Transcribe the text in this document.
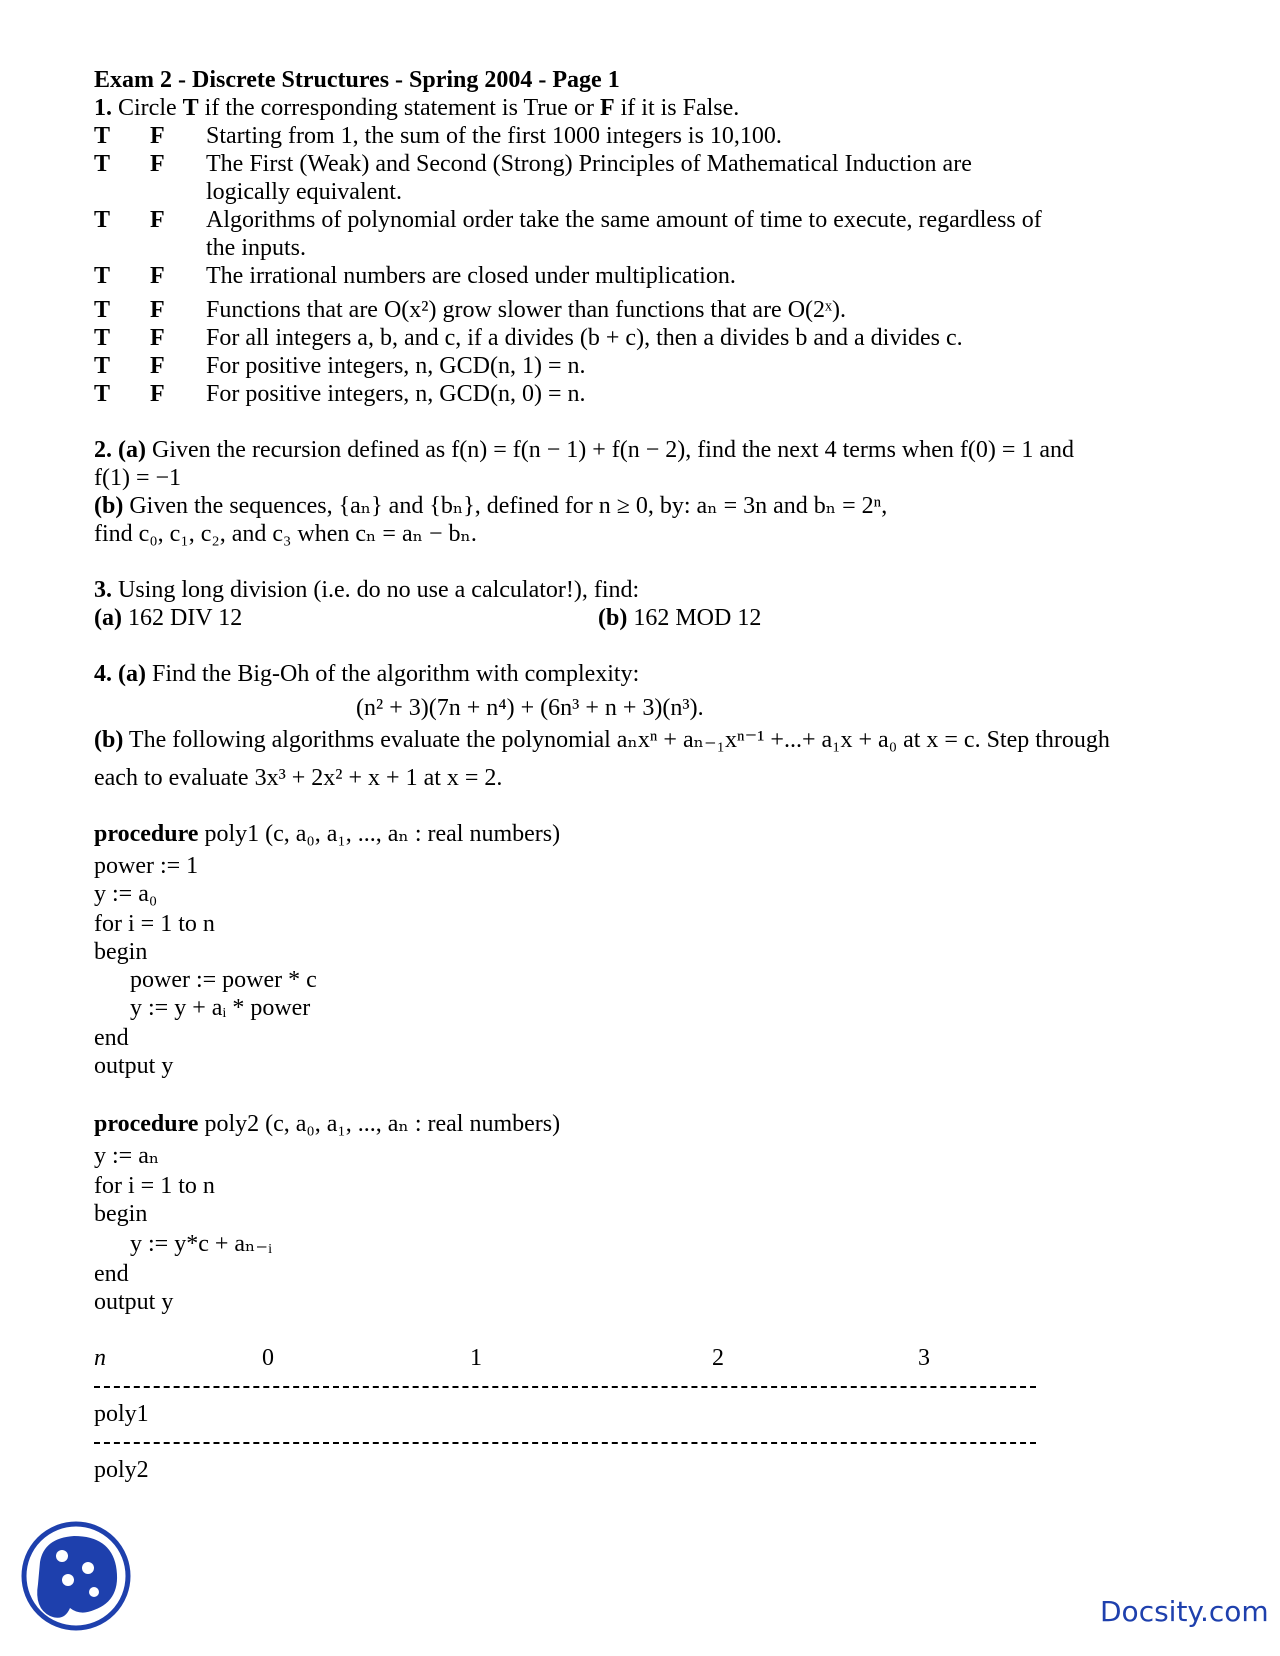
Exam 2 - Discrete Structures - Spring 2004 - Page 1
1. Circle T if the corresponding statement is True or F if it is False.
T F Starting from 1, the sum of the first 1000 integers is 10,100.
T F The First (Weak) and Second (Strong) Principles of Mathematical Induction are
logically equivalent.
T F Algorithms of polynomial order take the same amount of time to execute, regardless of
the inputs.
T F The irrational numbers are closed under multiplication.
T F Functions that are O(x²) grow slower than functions that are O(2ˣ).
T F For all integers a, b, and c, if a divides (b + c), then a divides b and a divides c.
T F For positive integers, n, GCD(n, 1) = n.
T F For positive integers, n, GCD(n, 0) = n.
2. (a) Given the recursion defined as f(n) = f(n − 1) + f(n − 2), find the next 4 terms when f(0) = 1 and
f(1) = −1
(b) Given the sequences, {aₙ} and {bₙ}, defined for n ≥ 0, by: aₙ = 3n and bₙ = 2ⁿ,
find c₀, c₁, c₂, and c₃ when cₙ = aₙ − bₙ.
3. Using long division (i.e. do no use a calculator!), find:
(a) 162 DIV 12	(b) 162 MOD 12
4. (a) Find the Big-Oh of the algorithm with complexity:
(n² + 3)(7n + n⁴) + (6n³ + n + 3)(n³).
(b) The following algorithms evaluate the polynomial aₙxⁿ + aₙ₋₁xⁿ⁻¹ +...+ a₁x + a₀ at x = c. Step through
each to evaluate 3x³ + 2x² + x + 1 at x = 2.
procedure poly1 (c, a₀, a₁, ..., aₙ : real numbers)
power := 1
y := a₀
for i = 1 to n
begin
power := power * c
y := y + aᵢ * power
end
output y
procedure poly2 (c, a₀, a₁, ..., aₙ : real numbers)
y := aₙ
for i = 1 to n
begin
y := y*c + aₙ₋ᵢ
end
output y
n	0	1	2	3
poly1
poly2
Docsity.com
